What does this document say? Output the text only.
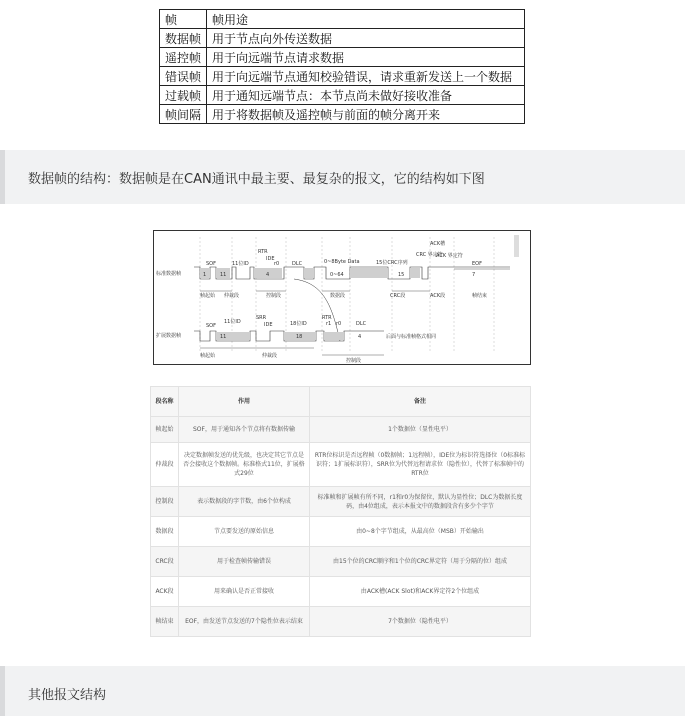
帧	帧用途
数据帧	用于节点向外传送数据
遥控帧	用于向远端节点请求数据
错误帧	用于向远端节点通知校验错误，请求重新发送上一个数据
过载帧	用于通知远端节点：本节点尚未做好接收准备
帧间隔	用于将数据帧及遥控帧与前面的帧分离开来
数据帧的结构：数据帧是在CAN通讯中最主要、最复杂的报文，它的结构如下图
标准数据帧
SOF	11位ID
RTR
IDE
r0	DLC	0~8Byte Data	15位CRC序列
CRC 界定符
ACK槽
ACK 界定符
EOF
1	11	4	0~64	15	7
帧起始 仲裁段	控制段	数据段	CRC段	ACK段	帧结束
扩展数据帧
SOF
11位ID
SRR
IDE	18位ID
RTR
r1 r0	DLC
11	18	4	后面与标准帧格式相同
帧起始	仲裁段
控制段
段名称	作用	备注
帧起始	SOF，用于通知各个节点将有数据传输	1个数据位（显性电平）
仲裁段	决定数据帧发送的优先级，也决定其它节点是否会接收这个数据帧。标准格式11位，扩展格式29位	RTR位标识是否远程帧（0数据帧；1远程帧），IDE位为标识符选择位（0标准标识符；1扩展标识符），SRR位为代替远程请求位（隐性位），代替了标准帧中的RTR位
控制段	表示数据段的字节数，由6个位构成	标准帧和扩展帧有所不同，r1和r0为保留位，默认为显性位；DLC为数据长度码，由4位组成，表示本报文中的数据段含有多少个字节
数据段	节点要发送的原始信息	由0~8个字节组成，从最高位（MSB）开始输出
CRC段	用于检查帧传输错误	由15个位的CRC顺序和1个位的CRC界定符（用于分隔的位）组成
ACK段	用来确认是否正常接收	由ACK槽(ACK Slot)和ACK界定符2个位组成
帧结束	EOF，由发送节点发送的7个隐性位表示结束	7个数据位（隐性电平）
其他报文结构
